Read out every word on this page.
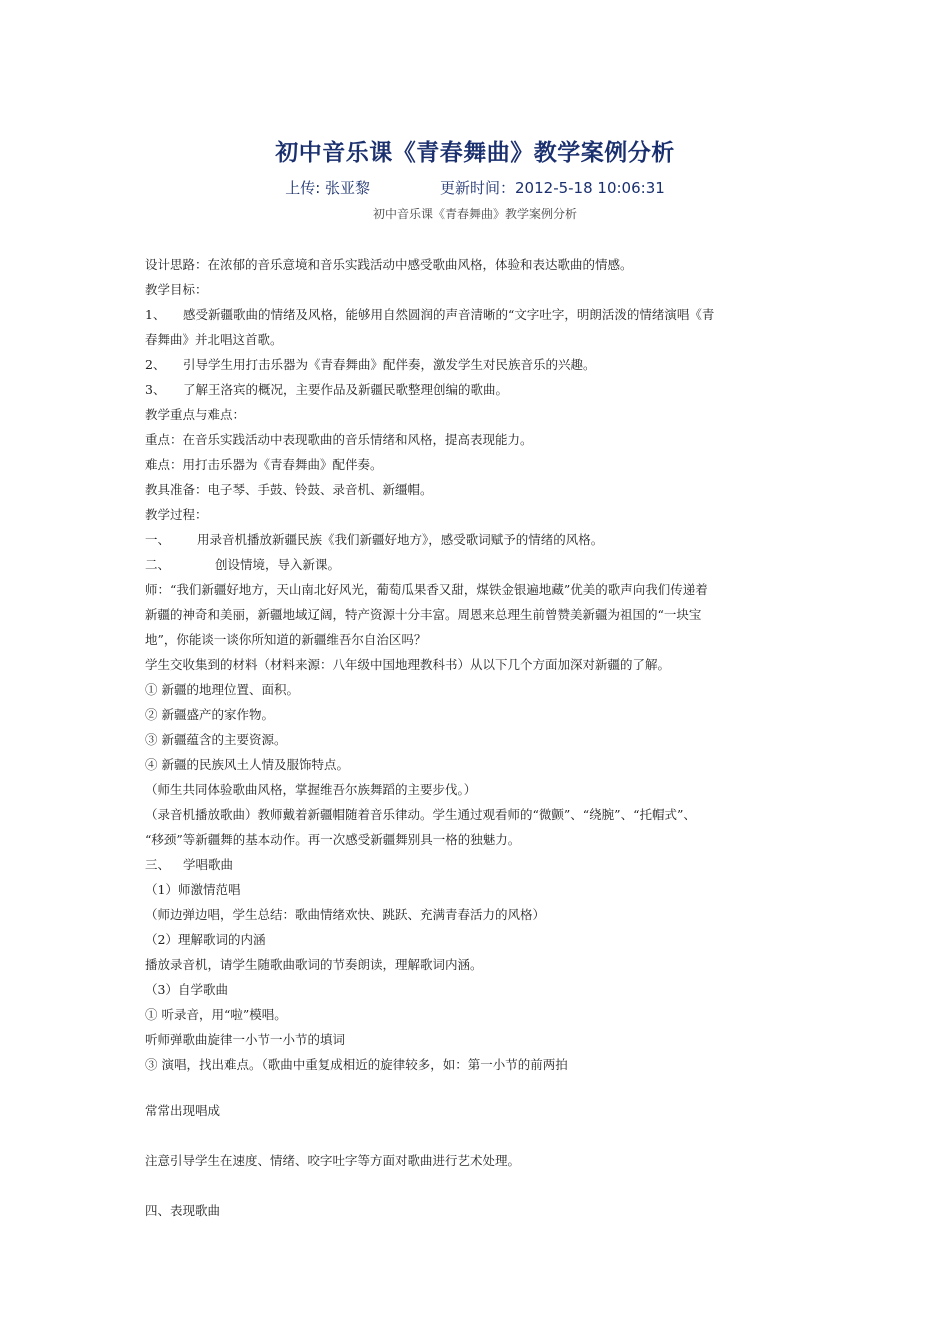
初中音乐课《青春舞曲》教学案例分析
上传: 张亚黎	更新时间：2012-5-18 10:06:31
初中音乐课《青春舞曲》教学案例分析
设计思路：在浓郁的音乐意境和音乐实践活动中感受歌曲风格，体验和表达歌曲的情感。
教学目标：
1、 感受新疆歌曲的情绪及风格，能够用自然圆润的声音清晰的“文字吐字，明朗活泼的情绪演唱《青
春舞曲》并北唱这首歌。
2、 引导学生用打击乐器为《青春舞曲》配伴奏，激发学生对民族音乐的兴趣。
3、 了解王洛宾的概况，主要作品及新疆民歌整理创编的歌曲。
教学重点与难点：
重点：在音乐实践活动中表现歌曲的音乐情绪和风格，提高表现能力。
难点：用打击乐器为《青春舞曲》配伴奏。
教具准备：电子琴、手鼓、铃鼓、录音机、新缰帽。
教学过程：
一、 用录音机播放新疆民族《我们新疆好地方》，感受歌词赋予的情绪的风格。
二、	创设情境，导入新课。
师：“我们新疆好地方，天山南北好风光，葡萄瓜果香又甜，煤铁金银遍地藏”优美的歌声向我们传递着
新疆的神奇和美丽，新疆地域辽阔，特产资源十分丰富。周恩来总理生前曾赞美新疆为祖国的“一块宝
地”，你能谈一谈你所知道的新疆维吾尔自治区吗？
学生交收集到的材料（材料来源：八年级中国地理教科书）从以下几个方面加深对新疆的了解。
① 新疆的地理位置、面积。
② 新疆盛产的家作物。
③ 新疆蕴含的主要资源。
④ 新疆的民族风土人情及服饰特点。
（师生共同体验歌曲风格，掌握维吾尔族舞蹈的主要步伐。）
（录音机播放歌曲）教师戴着新疆帽随着音乐律动。学生通过观看师的“微颤”、“绕腕”、“托帽式”、
“移颈”等新疆舞的基本动作。再一次感受新疆舞别具一格的独魅力。
三、 学唱歌曲
（1）师激情范唱
（师边弹边唱，学生总结：歌曲情绪欢快、跳跃、充满青春活力的风格）
（2）理解歌词的内涵
播放录音机，请学生随歌曲歌词的节奏朗读，理解歌词内涵。
（3）自学歌曲
① 听录音，用“啦”模唱。
听师弹歌曲旋律一小节一小节的填词
③ 演唱，找出难点。（歌曲中重复成相近的旋律较多，如：第一小节的前两拍
常常出现唱成
注意引导学生在速度、情绪、咬字吐字等方面对歌曲进行艺术处理。
四、表现歌曲
